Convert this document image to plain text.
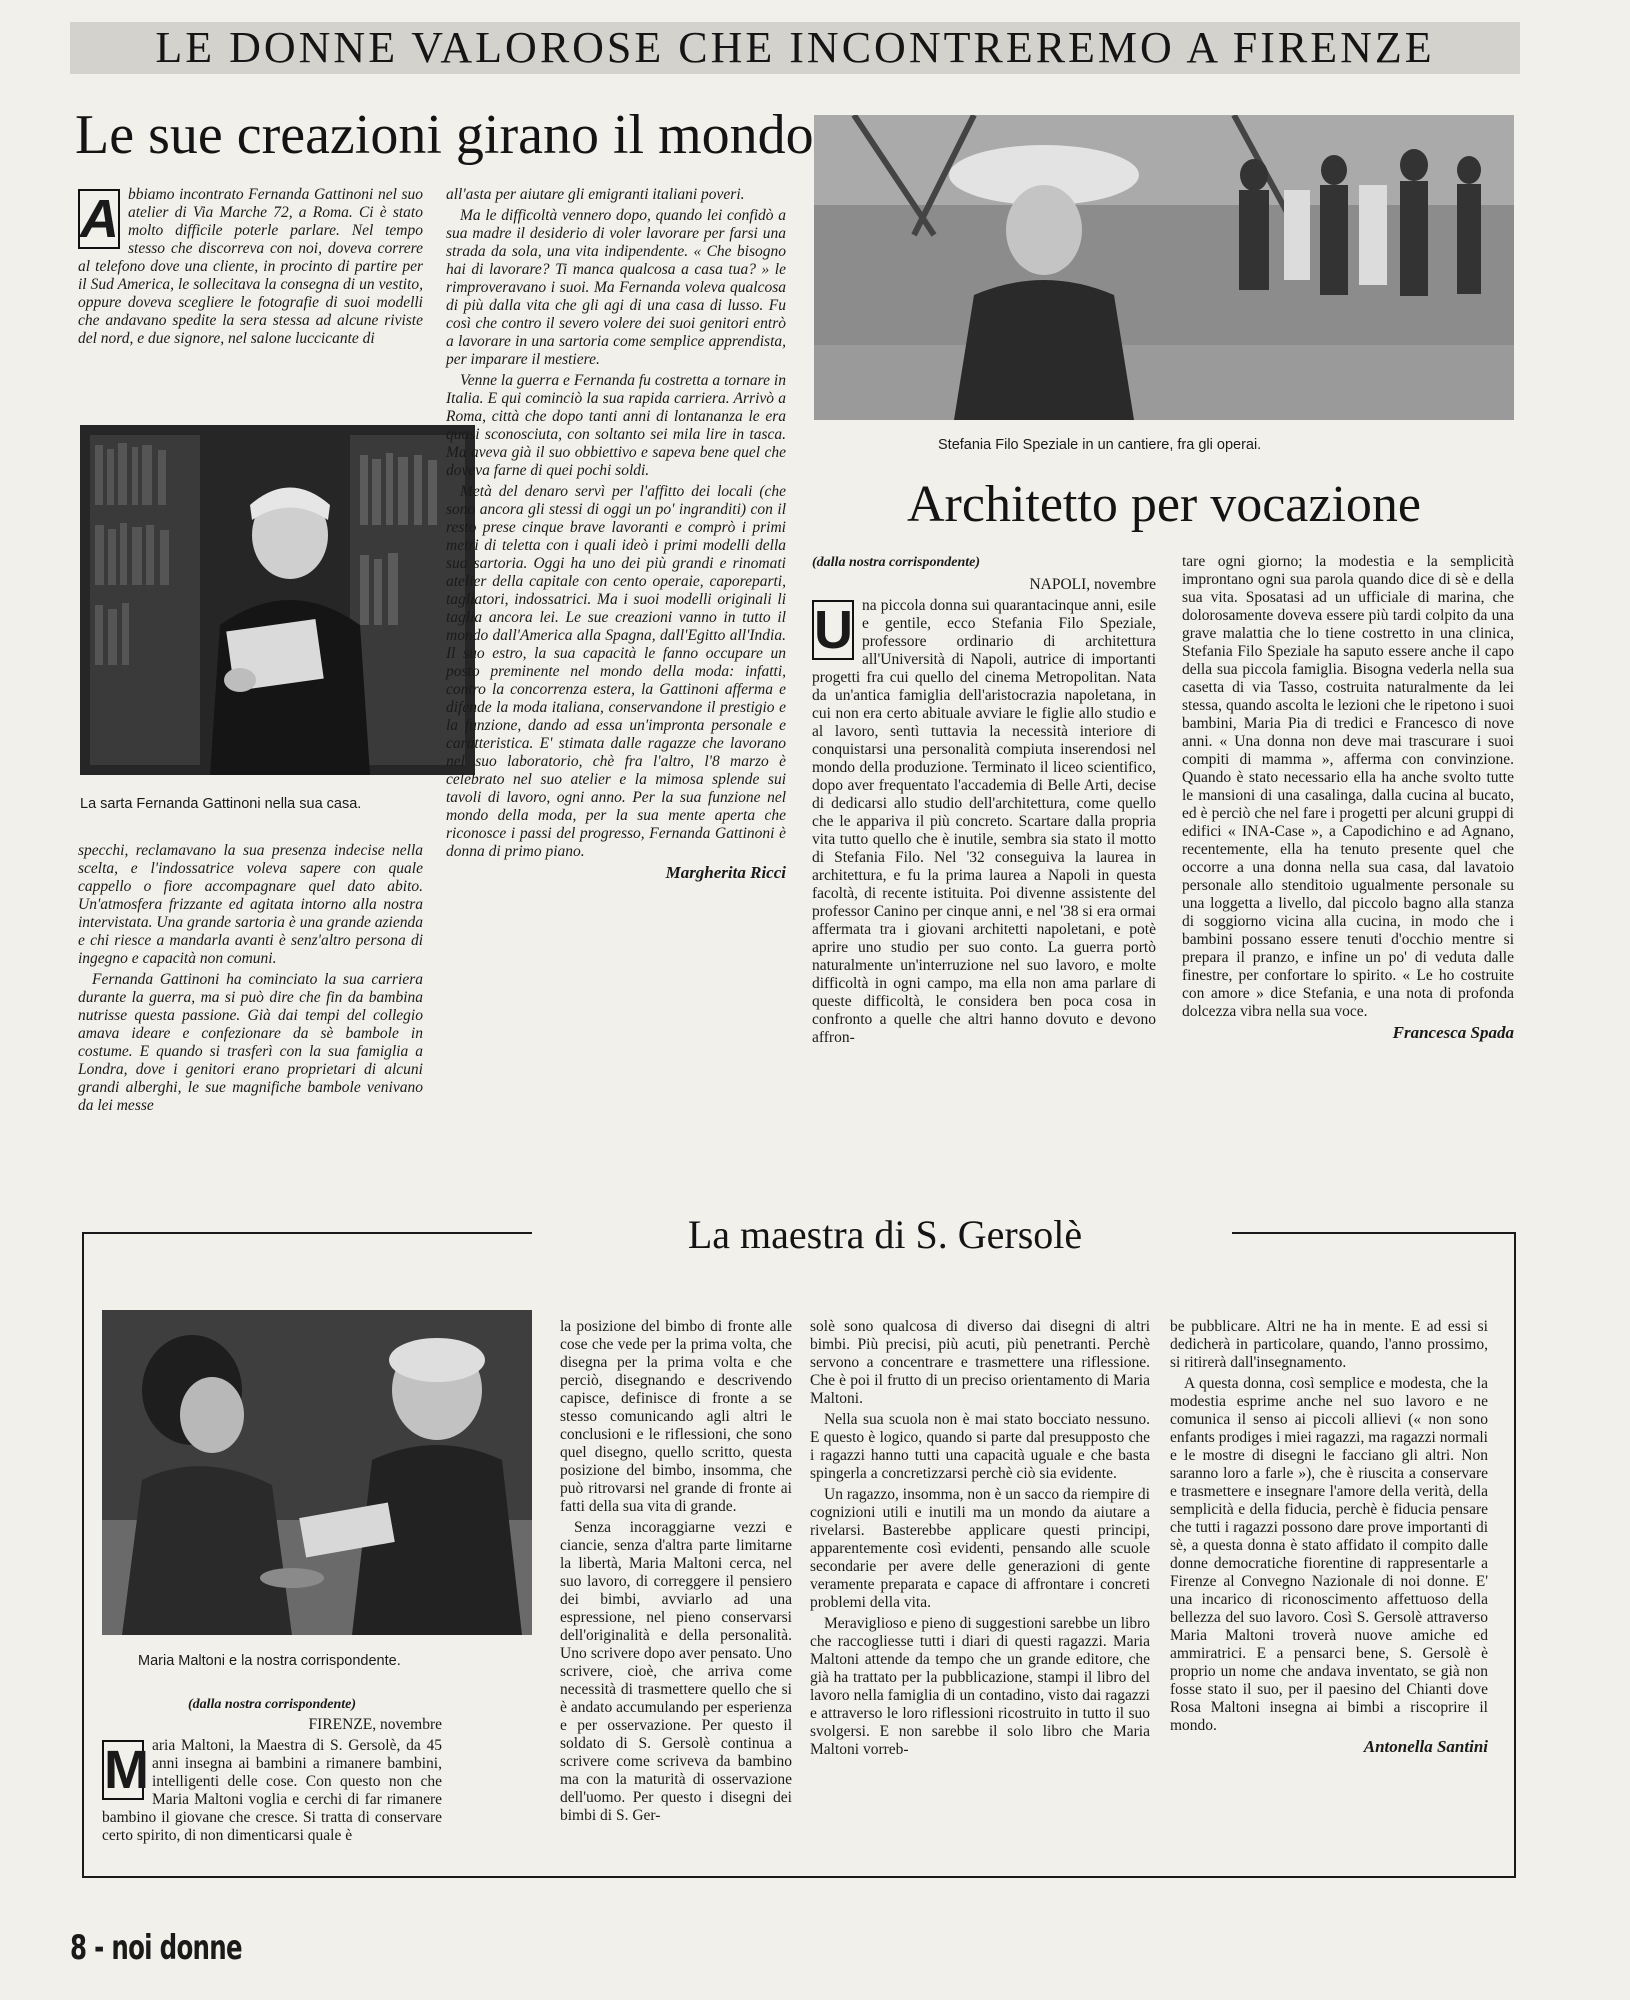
LE DONNE VALOROSE CHE INCONTREREMO A FIRENZE
Le sue creazioni girano il mondo
A bbiamo incontrato Fernanda Gattinoni nel suo atelier di Via Marche 72, a Roma. Ci è stato molto difficile poterle parlare. Nel tempo stesso che discorreva con noi, doveva correre al telefono dove una cliente, in procinto di partire per il Sud America, le sollecitava la consegna di un vestito, oppure doveva scegliere le fotografie di suoi modelli che andavano spedite la sera stessa ad alcune riviste del nord, e due signore, nel salone luccicante di

La sarta Fernanda Gattinoni nella sua casa.

specchi, reclamavano la sua presenza indecise nella scelta, e l'indossatrice voleva sapere con quale cappello o fiore accompagnare quel dato abito. Un'atmosfera frizzante ed agitata intorno alla nostra intervistata. Una grande sartoria è una grande azienda e chi riesce a mandarla avanti è senz'altro persona di ingegno e capacità non comuni.

Fernanda Gattinoni ha cominciato la sua carriera durante la guerra, ma si può dire che fin da bambina nutrisse questa passione. Già dai tempi del collegio amava ideare e confezionare da sè bambole in costume. E quando si trasferì con la sua famiglia a Londra, dove i genitori erano proprietari di alcuni grandi alberghi, le sue magnifiche bambole venivano da lei messe

all'asta per aiutare gli emigranti italiani poveri.

Ma le difficoltà vennero dopo, quando lei confidò a sua madre il desiderio di voler lavorare per farsi una strada da sola, una vita indipendente. « Che bisogno hai di lavorare? Ti manca qualcosa a casa tua? » le rimproveravano i suoi. Ma Fernanda voleva qualcosa di più dalla vita che gli agi di una casa di lusso. Fu così che contro il severo volere dei suoi genitori entrò a lavorare in una sartoria come semplice apprendista, per imparare il mestiere.

Venne la guerra e Fernanda fu costretta a tornare in Italia. E qui cominciò la sua rapida carriera. Arrivò a Roma, città che dopo tanti anni di lontananza le era quasi sconosciuta, con soltanto sei mila lire in tasca. Ma aveva già il suo obbiettivo e sapeva bene quel che doveva farne di quei pochi soldi.

Metà del denaro servì per l'affitto dei locali (che sono ancora gli stessi di oggi un po' ingranditi) con il resto prese cinque brave lavoranti e comprò i primi metri di teletta con i quali ideò i primi modelli della sua sartoria. Oggi ha uno dei più grandi e rinomati atelier della capitale con cento operaie, caporeparti, tagliatori, indossatrici. Ma i suoi modelli originali li taglia ancora lei. Le sue creazioni vanno in tutto il mondo dall'America alla Spagna, dall'Egitto all'India. Il suo estro, la sua capacità le fanno occupare un posto preminente nel mondo della moda: infatti, contro la concorrenza estera, la Gattinoni afferma e difende la moda italiana, conservandone il prestigio e la funzione, dando ad essa un'impronta personale e caratteristica. E' stimata dalle ragazze che lavorano nel suo laboratorio, chè fra l'altro, l'8 marzo è celebrato nel suo atelier e la mimosa splende sui tavoli di lavoro, ogni anno. Per la sua funzione nel mondo della moda, per la sua mente aperta che riconosce i passi del progresso, Fernanda Gattinoni è donna di primo piano.

Margherita Ricci

Stefania Filo Speziale in un cantiere, fra gli operai.
Architetto per vocazione

(dalla nostra corrispondente)

NAPOLI, novembre

U na piccola donna sui quarantacinque anni, esile e gentile, ecco Stefania Filo Speziale, professore ordinario di architettura all'Università di Napoli, autrice di importanti progetti fra cui quello del cinema Metropolitan. Nata da un'antica famiglia dell'aristocrazia napoletana, in cui non era certo abituale avviare le figlie allo studio e al lavoro, sentì tuttavia la necessità interiore di conquistarsi una personalità compiuta inserendosi nel mondo della produzione. Terminato il liceo scientifico, dopo aver frequentato l'accademia di Belle Arti, decise di dedicarsi allo studio dell'architettura, come quello che le appariva il più concreto. Scartare dalla propria vita tutto quello che è inutile, sembra sia stato il motto di Stefania Filo. Nel '32 conseguiva la laurea in architettura, e fu la prima laurea a Napoli in questa facoltà, di recente istituita. Poi divenne assistente del professor Canino per cinque anni, e nel '38 si era ormai affermata tra i giovani architetti napoletani, e potè aprire uno studio per suo conto. La guerra portò naturalmente un'interruzione nel suo lavoro, e molte difficoltà in ogni campo, ma ella non ama parlare di queste difficoltà, le considera ben poca cosa in confronto a quelle che altri hanno dovuto e devono affron-

tare ogni giorno; la modestia e la semplicità improntano ogni sua parola quando dice di sè e della sua vita. Sposatasi ad un ufficiale di marina, che dolorosamente doveva essere più tardi colpito da una grave malattia che lo tiene costretto in una clinica, Stefania Filo Speziale ha saputo essere anche il capo della sua piccola famiglia. Bisogna vederla nella sua casetta di via Tasso, costruita naturalmente da lei stessa, quando ascolta le lezioni che le ripetono i suoi bambini, Maria Pia di tredici e Francesco di nove anni. « Una donna non deve mai trascurare i suoi compiti di mamma », afferma con convinzione. Quando è stato necessario ella ha anche svolto tutte le mansioni di una casalinga, dalla cucina al bucato, ed è perciò che nel fare i progetti per alcuni gruppi di edifici « INA-Case », a Capodichino e ad Agnano, recentemente, ella ha tenuto presente quel che occorre a una donna nella sua casa, dal lavatoio personale allo stenditoio ugualmente personale su una loggetta a livello, dal piccolo bagno alla stanza di soggiorno vicina alla cucina, in modo che i bambini possano essere tenuti d'occhio mentre si prepara il pranzo, e infine un po' di veduta dalle finestre, per confortare lo spirito. « Le ho costruite con amore » dice Stefania, e una nota di profonda dolcezza vibra nella sua voce.

Francesca Spada

La maestra di S. Gersolè
Maria Maltoni e la nostra corrispondente.

(dalla nostra corrispondente)

FIRENZE, novembre

M aria Maltoni, la Maestra di S. Gersolè, da 45 anni insegna ai bambini a rimanere bambini, intelligenti delle cose. Con questo non che Maria Maltoni voglia e cerchi di far rimanere bambino il giovane che cresce. Si tratta di conservare certo spirito, di non dimenticarsi quale è

la posizione del bimbo di fronte alle cose che vede per la prima volta, che disegna per la prima volta e che perciò, disegnando e descrivendo capisce, definisce di fronte a se stesso comunicando agli altri le conclusioni e le riflessioni, che sono quel disegno, quello scritto, questa posizione del bimbo, insomma, che può ritrovarsi nel grande di fronte ai fatti della sua vita di grande.

Senza incoraggiarne vezzi e ciancie, senza d'altra parte limitarne la libertà, Maria Maltoni cerca, nel suo lavoro, di correggere il pensiero dei bimbi, avviarlo ad una espressione, nel pieno conservarsi dell'originalità e della personalità. Uno scrivere dopo aver pensato. Uno scrivere, cioè, che arriva come necessità di trasmettere quello che si è andato accumulando per esperienza e per osservazione. Per questo il soldato di S. Gersolè continua a scrivere come scriveva da bambino ma con la maturità di osservazione dell'uomo. Per questo i disegni dei bimbi di S. Ger-

solè sono qualcosa di diverso dai disegni di altri bimbi. Più precisi, più acuti, più penetranti. Perchè servono a concentrare e trasmettere una riflessione. Che è poi il frutto di un preciso orientamento di Maria Maltoni.

Nella sua scuola non è mai stato bocciato nessuno. E questo è logico, quando si parte dal presupposto che i ragazzi hanno tutti una capacità uguale e che basta spingerla a concretizzarsi perchè ciò sia evidente.

Un ragazzo, insomma, non è un sacco da riempire di cognizioni utili e inutili ma un mondo da aiutare a rivelarsi. Basterebbe applicare questi principi, apparentemente così evidenti, pensando alle scuole secondarie per avere delle generazioni di gente veramente preparata e capace di affrontare i concreti problemi della vita.

Meraviglioso e pieno di suggestioni sarebbe un libro che raccogliesse tutti i diari di questi ragazzi. Maria Maltoni attende da tempo che un grande editore, che già ha trattato per la pubblicazione, stampi il libro del lavoro nella famiglia di un contadino, visto dai ragazzi e attraverso le loro riflessioni ricostruito in tutto il suo svolgersi. E non sarebbe il solo libro che Maria Maltoni vorreb-

be pubblicare. Altri ne ha in mente. E ad essi si dedicherà in particolare, quando, l'anno prossimo, si ritirerà dall'insegnamento.

A questa donna, così semplice e modesta, che la modestia esprime anche nel suo lavoro e ne comunica il senso ai piccoli allievi (« non sono enfants prodiges i miei ragazzi, ma ragazzi normali e le mostre di disegni le facciano gli altri. Non saranno loro a farle »), che è riuscita a conservare e trasmettere e insegnare l'amore della verità, della semplicità e della fiducia, perchè è fiducia pensare che tutti i ragazzi possono dare prove importanti di sè, a questa donna è stato affidato il compito dalle donne democratiche fiorentine di rappresentarle a Firenze al Convegno Nazionale di noi donne. E' una incarico di riconoscimento affettuoso della bellezza del suo lavoro. Così S. Gersolè attraverso Maria Maltoni troverà nuove amiche ed ammiratrici. E a pensarci bene, S. Gersolè è proprio un nome che andava inventato, se già non fosse stato il suo, per il paesino del Chianti dove Rosa Maltoni insegna ai bimbi a riscoprire il mondo.

Antonella Santini

8 - noi donne
